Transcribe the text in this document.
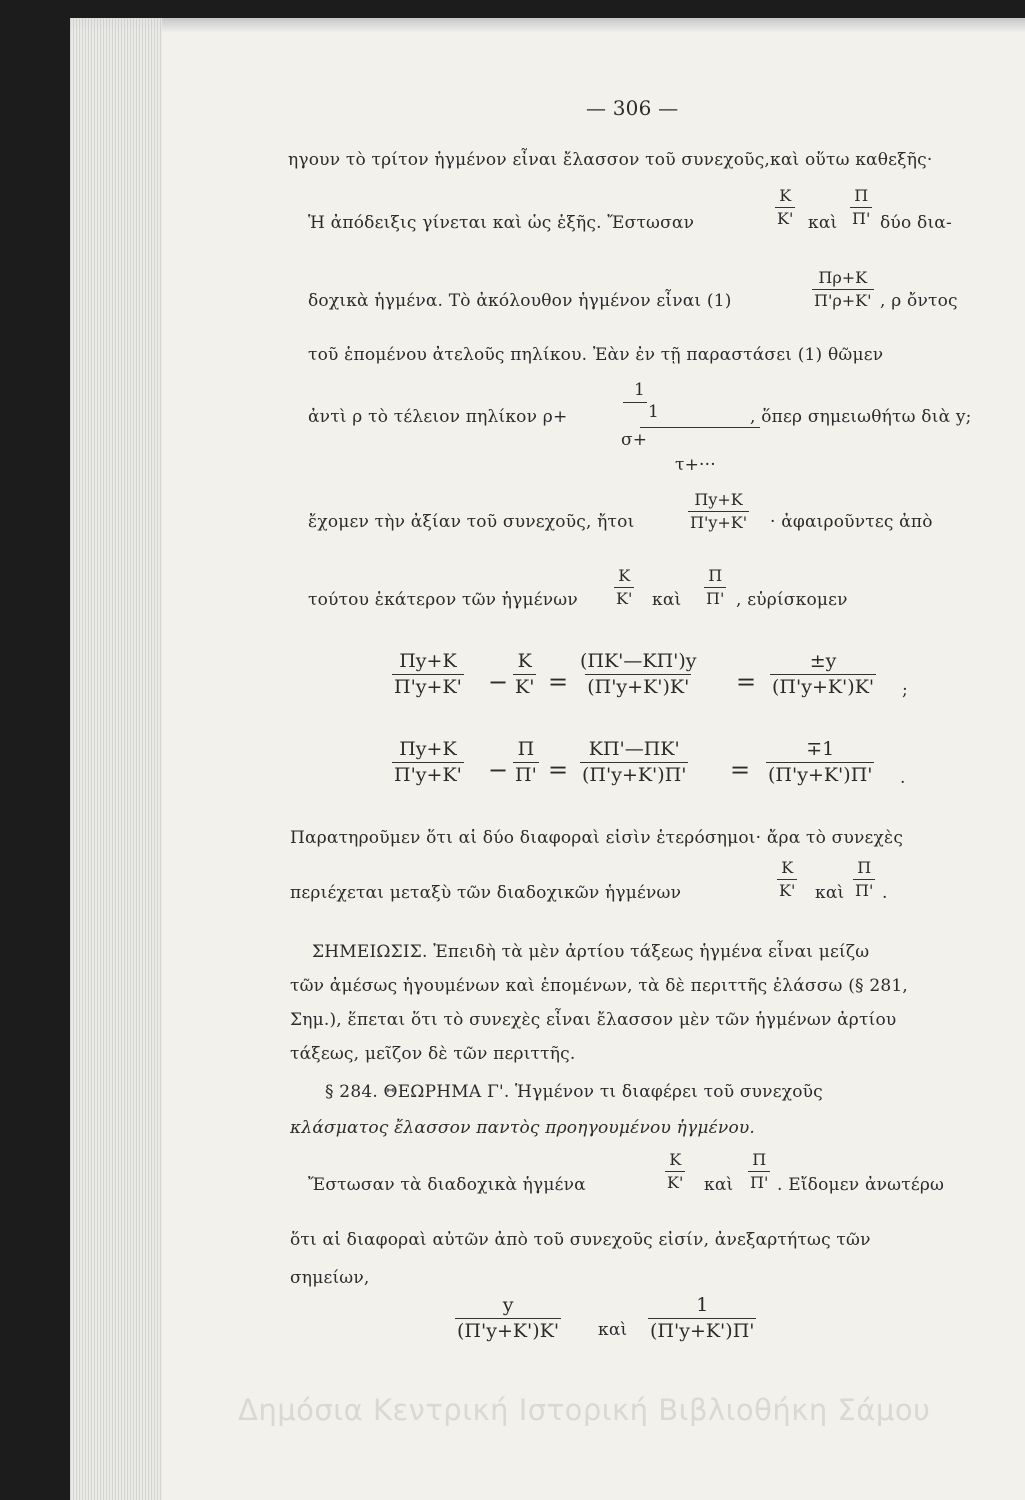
— 306 —
ηγουν τὸ τρίτον ἡγμένον εἶναι ἔλασσον τοῦ συνεχοῦς,καὶ οὕτω καθεξῆς·
Ἡ ἀπόδειξις γίνεται καὶ ὡς ἑξῆς. Ἔστωσαν	$\frac{K}{K'}$ καὶ $\frac{\Pi}{\Pi'}$ δύο δια-
δοχικὰ ἡγμένα. Τὸ ἀκόλουθον ἡγμένον εἶναι (1)	$\frac{\Pi\rho+K}{\Pi'\rho+K'}$ , ρ ὄντος
τοῦ ἑπομένου ἀτελοῦς πηλίκου. Ἐὰν ἐν τῇ παραστάσει (1) θῶμεν
ἀντὶ ρ τὸ τέλειον πηλίκον ρ+
1
1
σ+
τ+···
, ὅπερ σημειωθήτω διὰ y;
ἔχομεν τὴν ἀξίαν τοῦ συνεχοῦς, ἤτοι	$\frac{\Pi y+K}{\Pi'y+K'}$ · ἀφαιροῦντες ἀπὸ
τούτου ἑκάτερον τῶν ἡγμένων $\frac{K}{K'}$ καὶ $\frac{\Pi}{\Pi'}$ , εὑρίσκομεν
$\frac{\Pi y+K}{\Pi'y+K'} - \frac{K}{K'} = \frac{(\Pi K'—K\Pi')y}{(\Pi'y+K')K'} = \frac{\pm y}{(\Pi'y+K')K'}$ ;
$\frac{\Pi y+K}{\Pi'y+K'} - \frac{\Pi}{\Pi'} = \frac{K\Pi'—\Pi K'}{(\Pi'y+K')\Pi'} = \frac{\mp 1}{(\Pi'y+K')\Pi'}$ .
Παρατηροῦμεν ὅτι αἱ δύο διαφοραὶ εἰσὶν ἑτερόσημοι· ἄρα τὸ συνεχὲς
περιέχεται μεταξὺ τῶν διαδοχικῶν ἡγμένων	$\frac{K}{K'}$ καὶ $\frac{\Pi}{\Pi'}$ .
ΣΗΜΕΙΩΣΙΣ. Ἐπειδὴ τὰ μὲν ἀρτίου τάξεως ἡγμένα εἶναι μείζω
τῶν ἀμέσως ἡγουμένων καὶ ἑπομένων, τὰ δὲ περιττῆς ἐλάσσω (§ 281,
Σημ.), ἕπεται ὅτι τὸ συνεχὲς εἶναι ἔλασσον μὲν τῶν ἡγμένων ἀρτίου
τάξεως, μεῖζον δὲ τῶν περιττῆς.
§ 284. ΘΕΩΡΗΜΑ Γ'. Ἡγμένον τι διαφέρει τοῦ συνεχοῦς
κλάσματος ἔλασσον παντὸς προηγουμένου ἡγμένου.
Ἔστωσαν τὰ διαδοχικὰ ἡγμένα	$\frac{K}{K'}$ καὶ $\frac{\Pi}{\Pi'}$ . Εἴδομεν ἀνωτέρω
ὅτι αἱ διαφοραὶ αὐτῶν ἀπὸ τοῦ συνεχοῦς εἰσίν, ἀνεξαρτήτως τῶν
σημείων,
$\frac{y}{(\Pi'y+K')K'}$ καὶ $\frac{1}{(\Pi'y+K')\Pi'}$
Δημόσια Κεντρική Ιστορική Βιβλιοθήκη Σάμου
